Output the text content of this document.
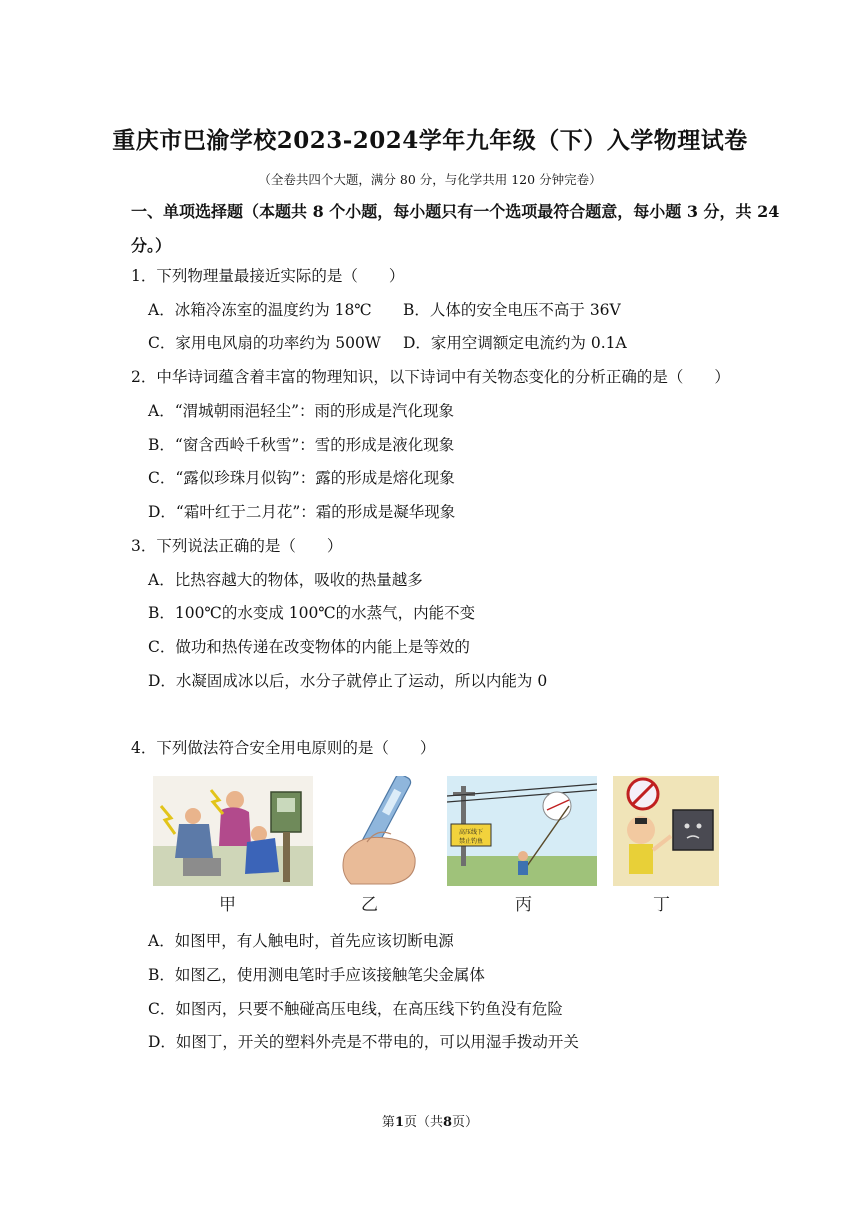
重庆市巴渝学校2023-2024学年九年级（下）入学物理试卷
（全卷共四个大题，满分 80 分，与化学共用 120 分钟完卷）
一、单项选择题（本题共 8 个小题，每小题只有一个选项最符合题意，每小题 3 分，共 24
分。）
1．下列物理量最接近实际的是（　　）
A．冰箱冷冻室的温度约为 18℃ B．人体的安全电压不高于 36V
C．家用电风扇的功率约为 500W D．家用空调额定电流约为 0.1A
2．中华诗词蕴含着丰富的物理知识，以下诗词中有关物态变化的分析正确的是（　　）
A．“渭城朝雨浥轻尘”：雨的形成是汽化现象
B．“窗含西岭千秋雪”：雪的形成是液化现象
C．“露似珍珠月似钩”：露的形成是熔化现象
D．“霜叶红于二月花”：霜的形成是凝华现象
3．下列说法正确的是（　　）
A．比热容越大的物体，吸收的热量越多
B．100℃的水变成 100℃的水蒸气，内能不变
C．做功和热传递在改变物体的内能上是等效的
D．水凝固成冰以后，水分子就停止了运动，所以内能为 0
4．下列做法符合安全用电原则的是（　　）
甲	乙
高压线下
禁止钓鱼
丙	丁
A．如图甲，有人触电时，首先应该切断电源
B．如图乙，使用测电笔时手应该接触笔尖金属体
C．如图丙，只要不触碰高压电线，在高压线下钓鱼没有危险
D．如图丁，开关的塑料外壳是不带电的，可以用湿手拨动开关
第1页（共8页）
